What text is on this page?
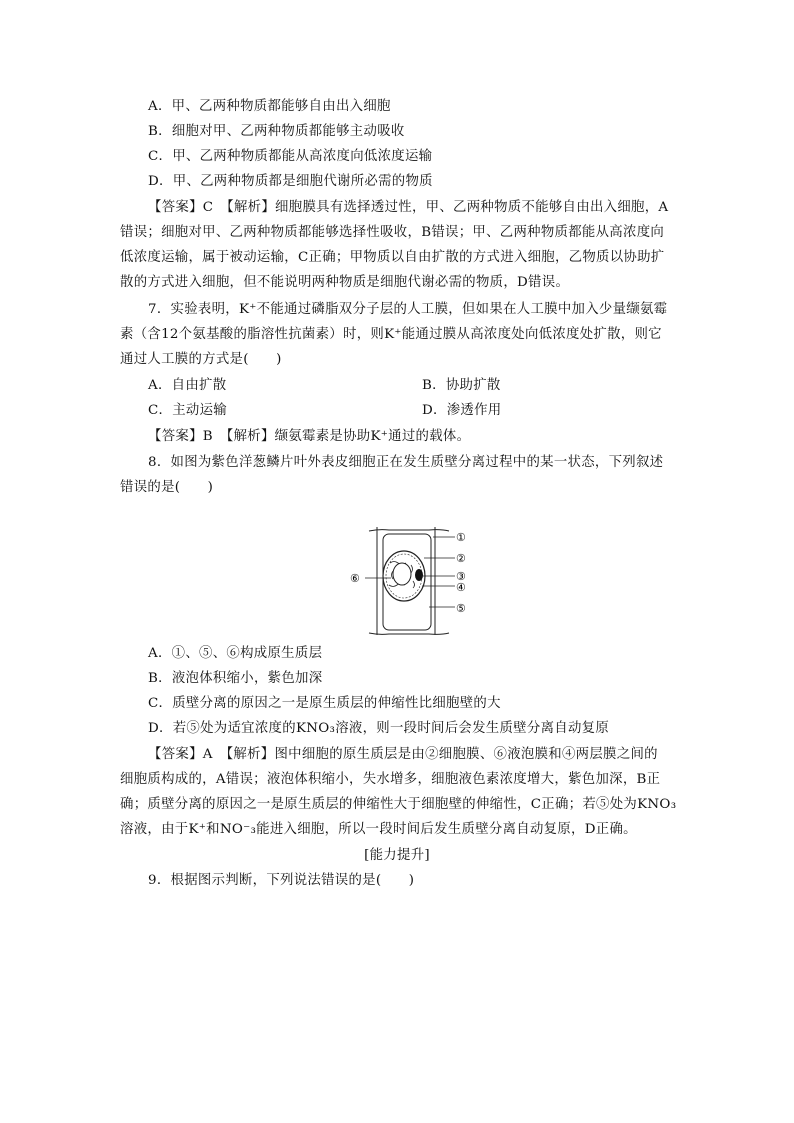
A．甲、乙两种物质都能够自由出入细胞
B．细胞对甲、乙两种物质都能够主动吸收
C．甲、乙两种物质都能从高浓度向低浓度运输
D．甲、乙两种物质都是细胞代谢所必需的物质
【答案】C　【解析】细胞膜具有选择透过性，甲、乙两种物质不能够自由出入细胞，A
错误；细胞对甲、乙两种物质都能够选择性吸收，B错误；甲、乙两种物质都能从高浓度向
低浓度运输，属于被动运输，C正确；甲物质以自由扩散的方式进入细胞，乙物质以协助扩
散的方式进入细胞，但不能说明两种物质是细胞代谢必需的物质，D错误。
7．实验表明，K⁺不能通过磷脂双分子层的人工膜，但如果在人工膜中加入少量缬氨霉
素（含12个氨基酸的脂溶性抗菌素）时，则K⁺能通过膜从高浓度处向低浓度处扩散，则它
通过人工膜的方式是(　　)
A．自由扩散	B．协助扩散
C．主动运输	D．渗透作用
【答案】B　【解析】缬氨霉素是协助K⁺通过的载体。
8．如图为紫色洋葱鳞片叶外表皮细胞正在发生质壁分离过程中的某一状态，下列叙述
错误的是(　　)
①
②
③
④
⑤
⑥
A．①、⑤、⑥构成原生质层
B．液泡体积缩小，紫色加深
C．质壁分离的原因之一是原生质层的伸缩性比细胞壁的大
D．若⑤处为适宜浓度的KNO₃溶液，则一段时间后会发生质壁分离自动复原
【答案】A　【解析】图中细胞的原生质层是由②细胞膜、⑥液泡膜和④两层膜之间的
细胞质构成的，A错误；液泡体积缩小，失水增多，细胞液色素浓度增大，紫色加深，B正
确；质壁分离的原因之一是原生质层的伸缩性大于细胞壁的伸缩性，C正确；若⑤处为KNO₃
溶液，由于K⁺和NO⁻₃能进入细胞，所以一段时间后发生质壁分离自动复原，D正确。
[能力提升]
9．根据图示判断，下列说法错误的是(　　)
